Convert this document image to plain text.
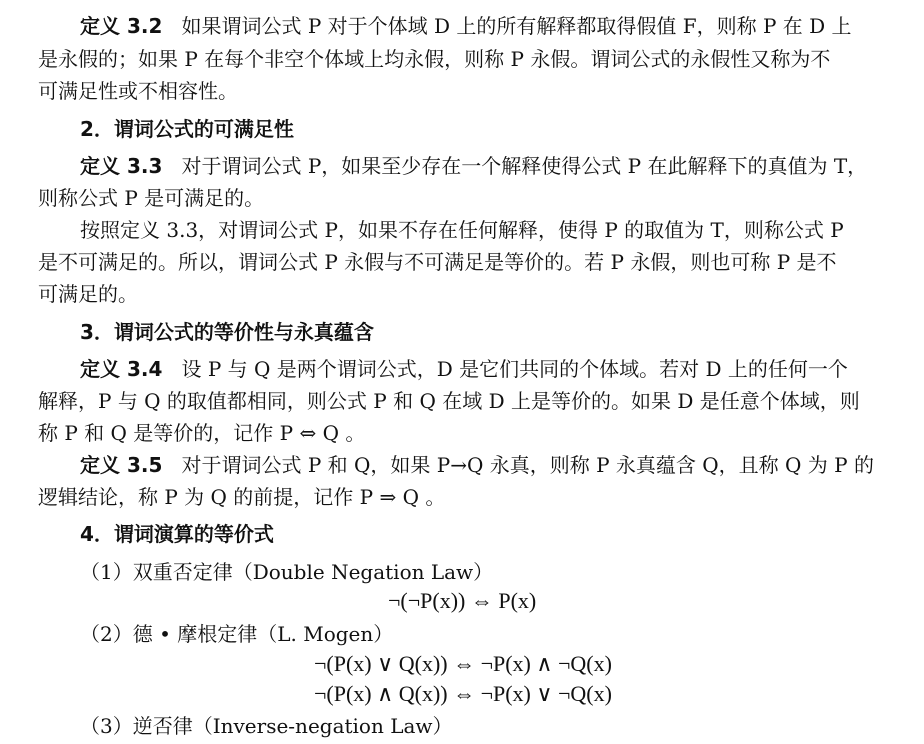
定义 3.2 如果谓词公式 P 对于个体域 D 上的所有解释都取得假值 F，则称 P 在 D 上
是永假的；如果 P 在每个非空个体域上均永假，则称 P 永假。谓词公式的永假性又称为不
可满足性或不相容性。
2．谓词公式的可满足性
定义 3.3 对于谓词公式 P，如果至少存在一个解释使得公式 P 在此解释下的真值为 T，
则称公式 P 是可满足的。
按照定义 3.3，对谓词公式 P，如果不存在任何解释，使得 P 的取值为 T，则称公式 P
是不可满足的。所以，谓词公式 P 永假与不可满足是等价的。若 P 永假，则也可称 P 是不
可满足的。
3．谓词公式的等价性与永真蕴含
定义 3.4 设 P 与 Q 是两个谓词公式，D 是它们共同的个体域。若对 D 上的任何一个
解释，P 与 Q 的取值都相同，则公式 P 和 Q 在域 D 上是等价的。如果 D 是任意个体域，则
称 P 和 Q 是等价的，记作 P ⇔ Q 。
定义 3.5 对于谓词公式 P 和 Q，如果 P→Q 永真，则称 P 永真蕴含 Q，且称 Q 为 P 的
逻辑结论，称 P 为 Q 的前提，记作 P ⇒ Q 。
4．谓词演算的等价式
（1）双重否定律（Double Negation Law）
¬(¬P(x)) ⇔ P(x)
（2）德 • 摩根定律（L. Mogen）
¬(P(x) ∨ Q(x)) ⇔ ¬P(x) ∧ ¬Q(x)
¬(P(x) ∧ Q(x)) ⇔ ¬P(x) ∨ ¬Q(x)
（3）逆否律（Inverse-negation Law）
